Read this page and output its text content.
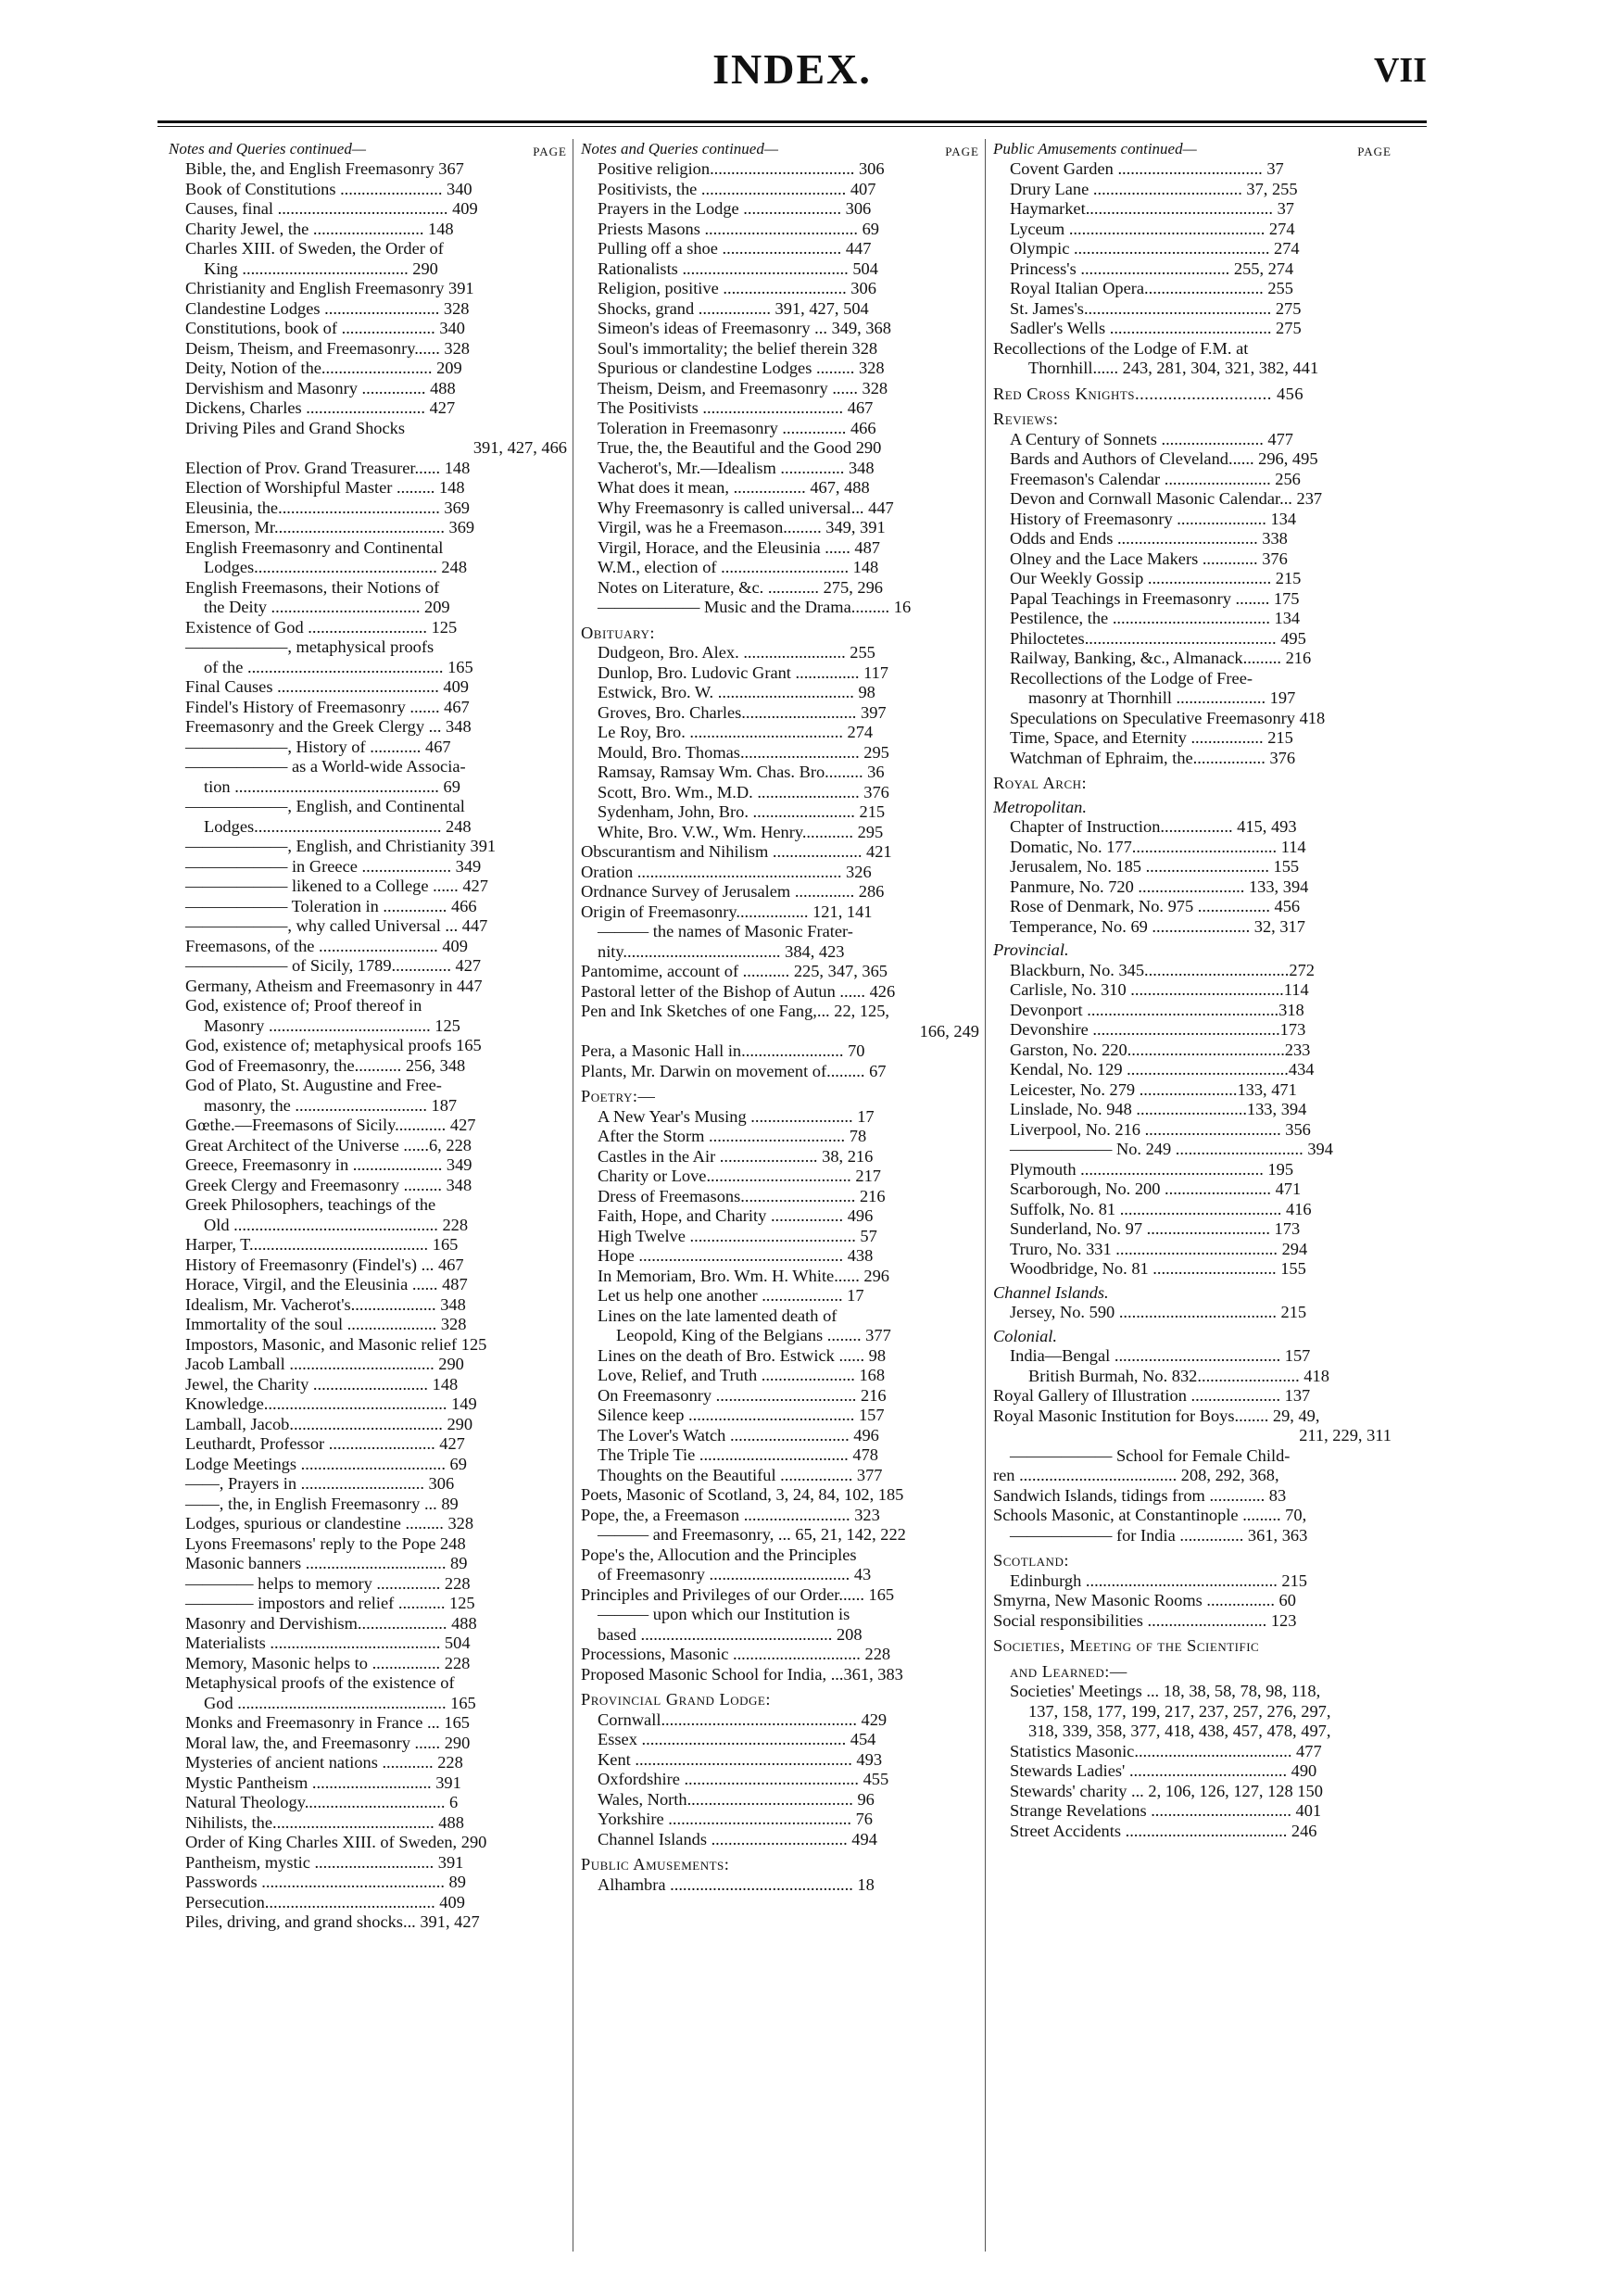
INDEX.	VII
Notes and Queries continued—	PAGE
Bible, the, and English Freemasonry 367
Book of Constitutions ........................ 340
Causes, final ........................................ 409
Charity Jewel, the .......................... 148
Charles XIII. of Sweden, the Order of
King ....................................... 290
Christianity and English Freemasonry 391
Clandestine Lodges ........................... 328
Constitutions, book of ...................... 340
Deism, Theism, and Freemasonry...... 328
Deity, Notion of the.......................... 209
Dervishism and Masonry ............... 488
Dickens, Charles ............................ 427
Driving Piles and Grand Shocks
391, 427, 466
Election of Prov. Grand Treasurer...... 148
Election of Worshipful Master ......... 148
Eleusinia, the...................................... 369
Emerson, Mr........................................ 369
English Freemasonry and Continental
Lodges........................................... 248
English Freemasons, their Notions of
the Deity ................................... 209
Existence of God ............................ 125
——————, metaphysical proofs
of the .............................................. 165
Final Causes ...................................... 409
Findel's History of Freemasonry ....... 467
Freemasonry and the Greek Clergy ... 348
——————, History of ............ 467
—————— as a World-wide Associa-
tion ................................................ 69
——————, English, and Continental
Lodges............................................ 248
——————, English, and Christianity 391
—————— in Greece ..................... 349
—————— likened to a College ...... 427
—————— Toleration in ............... 466
——————, why called Universal ... 447
Freemasons, of the ............................ 409
—————— of Sicily, 1789.............. 427
Germany, Atheism and Freemasonry in 447
God, existence of; Proof thereof in
Masonry ...................................... 125
God, existence of; metaphysical proofs 165
God of Freemasonry, the........... 256, 348
God of Plato, St. Augustine and Free-
masonry, the ............................... 187
Gœthe.—Freemasons of Sicily............ 427
Great Architect of the Universe ......6, 228
Greece, Freemasonry in ..................... 349
Greek Clergy and Freemasonry ......... 348
Greek Philosophers, teachings of the
Old ................................................ 228
Harper, T.......................................... 165
History of Freemasonry (Findel's) ... 467
Horace, Virgil, and the Eleusinia ...... 487
Idealism, Mr. Vacherot's.................... 348
Immortality of the soul ..................... 328
Impostors, Masonic, and Masonic relief 125
Jacob Lamball .................................. 290
Jewel, the Charity ........................... 148
Knowledge........................................... 149
Lamball, Jacob.................................... 290
Leuthardt, Professor ......................... 427
Lodge Meetings .................................. 69
——, Prayers in ............................. 306
——, the, in English Freemasonry ... 89
Lodges, spurious or clandestine ......... 328
Lyons Freemasons' reply to the Pope 248
Masonic banners ................................. 89
———— helps to memory ............... 228
———— impostors and relief ........... 125
Masonry and Dervishism..................... 488
Materialists ........................................ 504
Memory, Masonic helps to ................ 228
Metaphysical proofs of the existence of
God ................................................. 165
Monks and Freemasonry in France ... 165
Moral law, the, and Freemasonry ...... 290
Mysteries of ancient nations ............ 228
Mystic Pantheism ............................ 391
Natural Theology................................. 6
Nihilists, the...................................... 488
Order of King Charles XIII. of Sweden, 290
Pantheism, mystic ............................ 391
Passwords ........................................... 89
Persecution........................................ 409
Piles, driving, and grand shocks... 391, 427
Notes and Queries continued—	PAGE
Positive religion.................................. 306
Positivists, the .................................. 407
Prayers in the Lodge ....................... 306
Priests Masons .................................... 69
Pulling off a shoe ............................ 447
Rationalists ....................................... 504
Religion, positive ............................. 306
Shocks, grand ................. 391, 427, 504
Simeon's ideas of Freemasonry ... 349, 368
Soul's immortality; the belief therein 328
Spurious or clandestine Lodges ......... 328
Theism, Deism, and Freemasonry ...... 328
The Positivists ................................. 467
Toleration in Freemasonry ............... 466
True, the, the Beautiful and the Good 290
Vacherot's, Mr.—Idealism ............... 348
What does it mean, ................. 467, 488
Why Freemasonry is called universal... 447
Virgil, was he a Freemason......... 349, 391
Virgil, Horace, and the Eleusinia ...... 487
W.M., election of .............................. 148
Notes on Literature, &c. ............ 275, 296
—————— Music and the Drama......... 16
Obituary:
Dudgeon, Bro. Alex. ........................ 255
Dunlop, Bro. Ludovic Grant ............... 117
Estwick, Bro. W. ................................ 98
Groves, Bro. Charles........................... 397
Le Roy, Bro. .................................... 274
Mould, Bro. Thomas............................ 295
Ramsay, Ramsay Wm. Chas. Bro......... 36
Scott, Bro. Wm., M.D. ........................ 376
Sydenham, John, Bro. ........................ 215
White, Bro. V.W., Wm. Henry............ 295
Obscurantism and Nihilism ..................... 421
Oration ................................................ 326
Ordnance Survey of Jerusalem .............. 286
Origin of Freemasonry................. 121, 141
——— the names of Masonic Frater-
nity..................................... 384, 423
Pantomime, account of ........... 225, 347, 365
Pastoral letter of the Bishop of Autun ...... 426
Pen and Ink Sketches of one Fang,... 22, 125,
166, 249
Pera, a Masonic Hall in........................ 70
Plants, Mr. Darwin on movement of......... 67
Poetry:—
A New Year's Musing ........................ 17
After the Storm ................................ 78
Castles in the Air ....................... 38, 216
Charity or Love.................................. 217
Dress of Freemasons........................... 216
Faith, Hope, and Charity ................. 496
High Twelve ....................................... 57
Hope ................................................ 438
In Memoriam, Bro. Wm. H. White...... 296
Let us help one another ................... 17
Lines on the late lamented death of
Leopold, King of the Belgians ........ 377
Lines on the death of Bro. Estwick ...... 98
Love, Relief, and Truth ...................... 168
On Freemasonry ................................. 216
Silence keep ....................................... 157
The Lover's Watch ............................ 496
The Triple Tie ................................... 478
Thoughts on the Beautiful ................. 377
Poets, Masonic of Scotland, 3, 24, 84, 102, 185
Pope, the, a Freemason ......................... 323
——— and Freemasonry, ... 65, 21, 142, 222
Pope's the, Allocution and the Principles
of Freemasonry ................................. 43
Principles and Privileges of our Order...... 165
——— upon which our Institution is
based ............................................. 208
Processions, Masonic .............................. 228
Proposed Masonic School for India, ...361, 383
Provincial Grand Lodge:
Cornwall.............................................. 429
Essex ................................................ 454
Kent ................................................... 493
Oxfordshire ......................................... 455
Wales, North....................................... 96
Yorkshire ........................................... 76
Channel Islands ................................ 494
Public Amusements:
Alhambra ........................................... 18
Public Amusements continued—	PAGE
Covent Garden .................................. 37
Drury Lane ................................... 37, 255
Haymarket............................................ 37
Lyceum .............................................. 274
Olympic .............................................. 274
Princess's ................................... 255, 274
Royal Italian Opera............................ 255
St. James's............................................ 275
Sadler's Wells ...................................... 275
Recollections of the Lodge of F.M. at
Thornhill...... 243, 281, 304, 321, 382, 441
Red Cross Knights............................. 456
Reviews:
A Century of Sonnets ........................ 477
Bards and Authors of Cleveland...... 296, 495
Freemason's Calendar ......................... 256
Devon and Cornwall Masonic Calendar... 237
History of Freemasonry ..................... 134
Odds and Ends ................................. 338
Olney and the Lace Makers ............. 376
Our Weekly Gossip ............................. 215
Papal Teachings in Freemasonry ........ 175
Pestilence, the ..................................... 134
Philoctetes............................................. 495
Railway, Banking, &c., Almanack......... 216
Recollections of the Lodge of Free-
masonry at Thornhill ..................... 197
Speculations on Speculative Freemasonry 418
Time, Space, and Eternity ................. 215
Watchman of Ephraim, the................. 376
Royal Arch:
Metropolitan.
Chapter of Instruction................. 415, 493
Domatic, No. 177.................................. 114
Jerusalem, No. 185 ............................. 155
Panmure, No. 720 ......................... 133, 394
Rose of Denmark, No. 975 ................. 456
Temperance, No. 69 ....................... 32, 317
Provincial.
Blackburn, No. 345..................................272
Carlisle, No. 310 ....................................114
Devonport .............................................318
Devonshire ............................................173
Garston, No. 220.....................................233
Kendal, No. 129 ......................................434
Leicester, No. 279 .......................133, 471
Linslade, No. 948 ..........................133, 394
Liverpool, No. 216 ................................ 356
—————— No. 249 .............................. 394
Plymouth ........................................... 195
Scarborough, No. 200 ......................... 471
Suffolk, No. 81 ...................................... 416
Sunderland, No. 97 ............................. 173
Truro, No. 331 ...................................... 294
Woodbridge, No. 81 ............................. 155
Channel Islands.
Jersey, No. 590 ..................................... 215
Colonial.
India—Bengal ....................................... 157
British Burmah, No. 832........................ 418
Royal Gallery of Illustration ..................... 137
Royal Masonic Institution for Boys........ 29, 49,
211, 229, 311
—————— School for Female Child-
ren ..................................... 208, 292, 368,
Sandwich Islands, tidings from ............. 83
Schools Masonic, at Constantinople ......... 70,
—————— for India ............... 361, 363
Scotland:
Edinburgh ............................................. 215
Smyrna, New Masonic Rooms ................ 60
Social responsibilities ............................ 123
Societies, Meeting of the Scientific
and Learned:—
Societies' Meetings ... 18, 38, 58, 78, 98, 118,
137, 158, 177, 199, 217, 237, 257, 276, 297,
318, 339, 358, 377, 418, 438, 457, 478, 497,
Statistics Masonic..................................... 477
Stewards Ladies' ..................................... 490
Stewards' charity ... 2, 106, 126, 127, 128 150
Strange Revelations ................................. 401
Street Accidents ...................................... 246
